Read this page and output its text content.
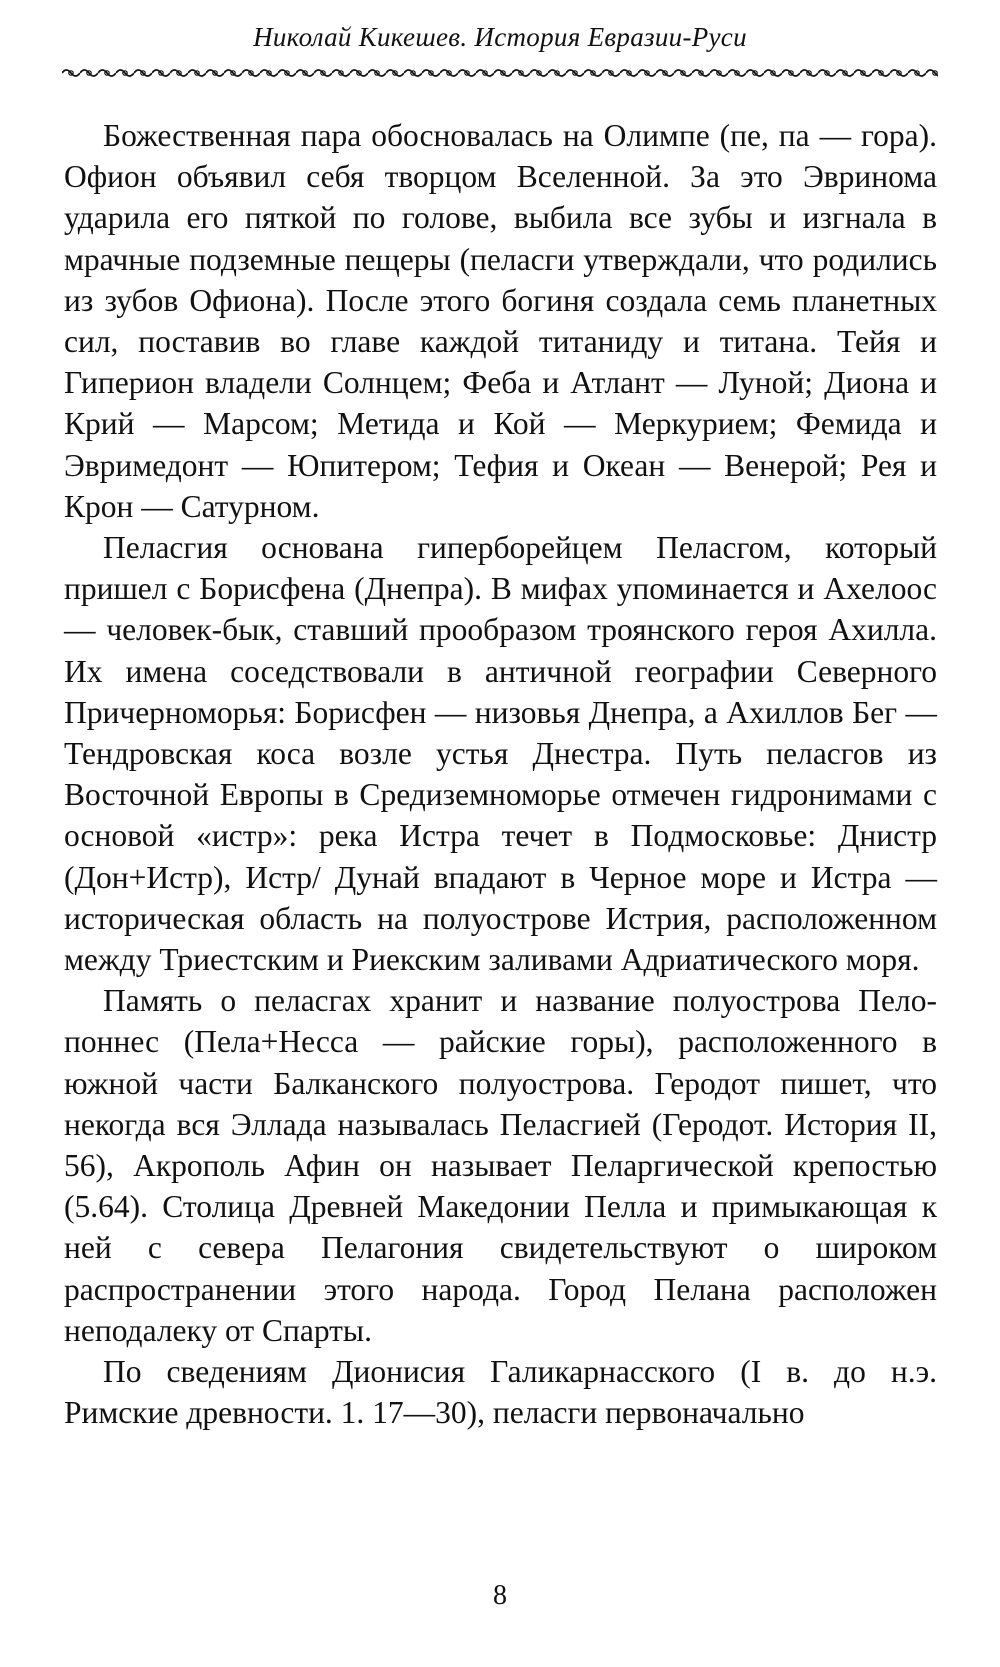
Николай Кикешев. История Евразии-Руси

Божественная пара обосновалась на Олимпе (пе, па — гора). Офион объявил себя творцом Вселенной. За это Эвринома ударила его пяткой по голове, выбила все зубы и изгнала в мрачные подземные пещеры (пеласги утверждали, что родились из зубов Офиона). После этого богиня создала семь планетных сил, поставив во главе каждой титаниду и титана. Тейя и Гиперион владели Солнцем; Феба и Атлант — Луной; Диона и Крий — Марсом; Метида и Кой — Меркурием; Фемида и Эвримедонт — Юпитером; Тефия и Океан — Венерой; Рея и Крон — Сатурном.

Пеласгия основана гиперборейцем Пеласгом, который пришел с Борисфена (Днепра). В мифах упоминается и Ахелоос — человек-бык, ставший прообразом троянского героя Ахилла. Их имена соседствовали в античной географии Северного Причерноморья: Борисфен — низовья Днепра, а Ахиллов Бег — Тендровская коса возле устья Днестра. Путь пеласгов из Восточной Европы в Средиземноморье отмечен гидронимами с основой «истр»: река Истра течет в Подмосковье: Днистр (Дон+Истр), Истр/ Дунай впадают в Черное море и Истра — историческая область на полуострове Истрия, расположенном между Триестским и Риекским заливами Адриатического моря.

Память о пеласгах хранит и название полуострова Пелопоннес (Пела+Несса — райские горы), расположенного в южной части Балканского полуострова. Геродот пишет, что некогда вся Эллада называлась Пеласгией (Геродот. История II, 56), Акрополь Афин он называет Пеларгической крепостью (5.64). Столица Древней Македонии Пелла и примыкающая к ней с севера Пелагония свидетельствуют о широком распространении этого народа. Город Пелана расположен неподалеку от Спарты.

По сведениям Дионисия Галикарнасского (I в. до н.э. Римские древности. 1. 17—30), пеласги первоначально

8
